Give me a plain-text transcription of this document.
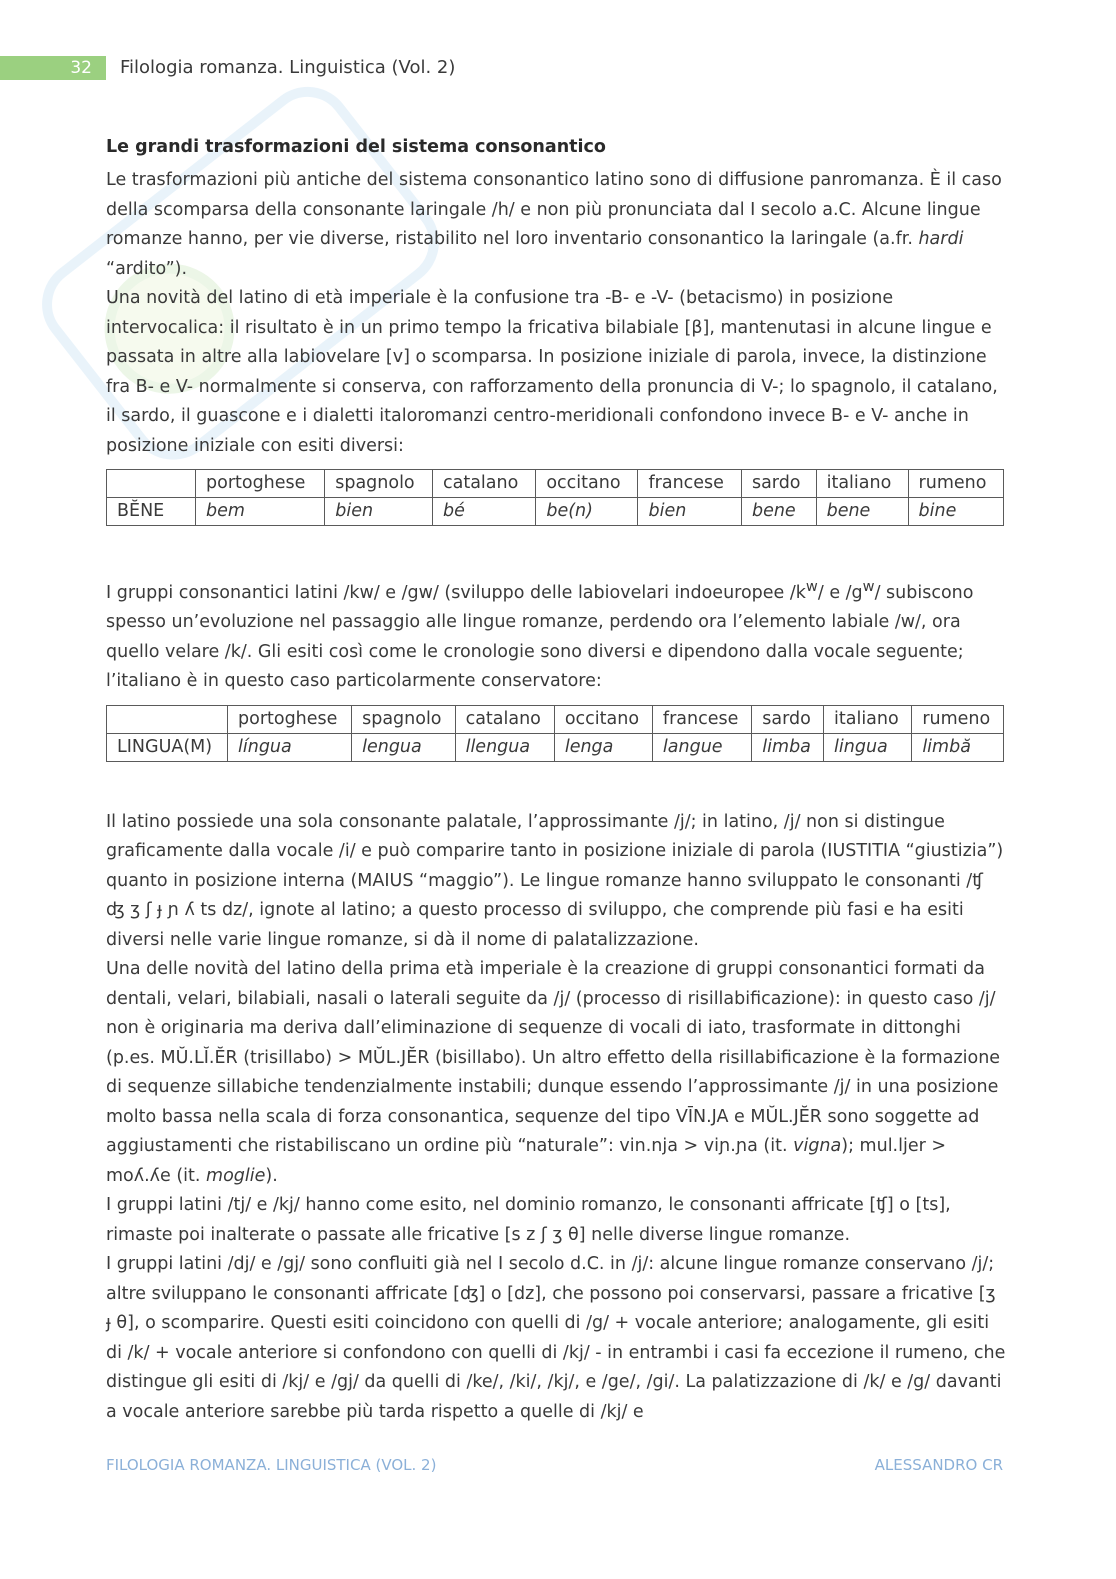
32	Filologia romanza. Linguistica (Vol. 2)
Le grandi trasformazioni del sistema consonantico

Le trasformazioni più antiche del sistema consonantico latino sono di diffusione panromanza. È il caso della scomparsa della consonante laringale /h/ e non più pronunciata dal I secolo a.C. Alcune lingue romanze hanno, per vie diverse, ristabilito nel loro inventario consonantico la laringale (a.fr. hardi “ardito”).

Una novità del latino di età imperiale è la confusione tra -B- e -V- (betacismo) in posizione intervocalica: il risultato è in un primo tempo la fricativa bilabiale [β], mantenutasi in alcune lingue e passata in altre alla labiovelare [v] o scomparsa. In posizione iniziale di parola, invece, la distinzione fra B- e V- normalmente si conserva, con rafforzamento della pronuncia di V-; lo spagnolo, il catalano, il sardo, il guascone e i dialetti italoromanzi centro-meridionali confondono invece B- e V- anche in posizione iniziale con esiti diversi:

	portoghese	spagnolo	catalano	occitano	francese	sardo	italiano	rumeno
BĔNE	bem	bien	bé	be(n)	bien	bene	bene	bine

I gruppi consonantici latini /kw/ e /gw/ (sviluppo delle labiovelari indoeuropee $/k^w/$ e $/g^w/$ subiscono spesso un’evoluzione nel passaggio alle lingue romanze, perdendo ora l’elemento labiale /w/, ora quello velare /k/. Gli esiti così come le cronologie sono diversi e dipendono dalla vocale seguente; l’italiano è in questo caso particolarmente conservatore:

	portoghese	spagnolo	catalano	occitano	francese	sardo	italiano	rumeno
LINGUA(M)	língua	lengua	llengua	lenga	langue	limba	lingua	limbă

Il latino possiede una sola consonante palatale, l’approssimante /j/; in latino, /j/ non si distingue graficamente dalla vocale /i/ e può comparire tanto in posizione iniziale di parola (IUSTITIA “giustizia”) quanto in posizione interna (MAIUS “maggio”). Le lingue romanze hanno sviluppato le consonanti /ʧ ʤ ʒ ʃ ɟ ɲ ʎ ts dz/, ignote al latino; a questo processo di sviluppo, che comprende più fasi e ha esiti diversi nelle varie lingue romanze, si dà il nome di palatalizzazione.

Una delle novità del latino della prima età imperiale è la creazione di gruppi consonantici formati da dentali, velari, bilabiali, nasali o laterali seguite da /j/ (processo di risillabificazione): in questo caso /j/ non è originaria ma deriva dall’eliminazione di sequenze di vocali di iato, trasformate in dittonghi (p.es. MŬ.LĬ.ĔR (trisillabo) > MŬL.JĔR (bisillabo). Un altro effetto della risillabificazione è la formazione di sequenze sillabiche tendenzialmente instabili; dunque essendo l’approssimante /j/ in una posizione molto bassa nella scala di forza consonantica, sequenze del tipo VĪN.JA e MŬL.JĔR sono soggette ad aggiustamenti che ristabiliscano un ordine più “naturale”: vin.nja > viɲ.ɲa (it. vigna); mul.ljer > moʎ.ʎe (it. moglie).

I gruppi latini /tj/ e /kj/ hanno come esito, nel dominio romanzo, le consonanti affricate [ʧ] o [ts], rimaste poi inalterate o passate alle fricative [s z ʃ ʒ θ] nelle diverse lingue romanze.

I gruppi latini /dj/ e /gj/ sono confluiti già nel I secolo d.C. in /j/: alcune lingue romanze conservano /j/; altre sviluppano le consonanti affricate [ʤ] o [dz], che possono poi conservarsi, passare a fricative [ʒ ɟ θ], o scomparire. Questi esiti coincidono con quelli di /g/ + vocale anteriore; analogamente, gli esiti di /k/ + vocale anteriore si confondono con quelli di /kj/ - in entrambi i casi fa eccezione il rumeno, che distingue gli esiti di /kj/ e /gj/ da quelli di /ke/, /ki/, /kj/, e /ge/, /gi/. La palatizzazione di /k/ e /g/ davanti a vocale anteriore sarebbe più tarda rispetto a quelle di /kj/ e

FILOLOGIA ROMANZA. LINGUISTICA (VOL. 2)	ALESSANDRO CR
